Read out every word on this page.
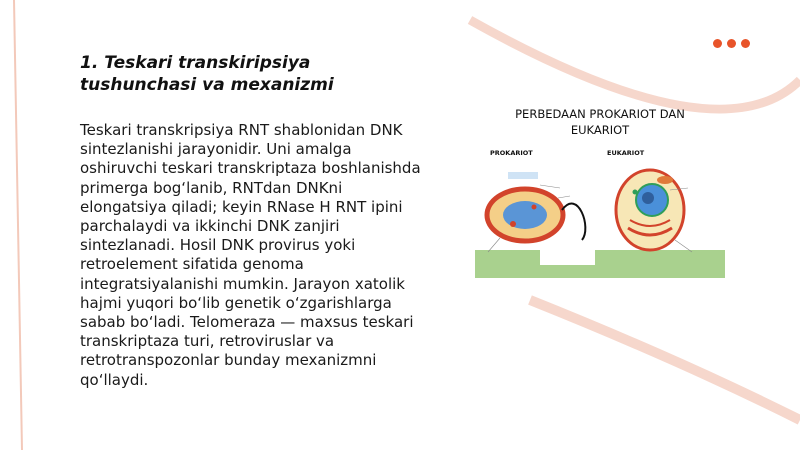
1. Teskari transkiripsiya tushunchasi va mexanizmi

Teskari transkripsiya RNT shablonidan DNK sintezlanishi jarayonidir. Uni amalga oshiruvchi teskari transkriptaza boshlanishda primerga bog‘lanib, RNTdan DNKni elongatsiya qiladi; keyin RNase H RNT ipini parchalaydi va ikkinchi DNK zanjiri sintezlanadi. Hosil DNK provirus yoki retroelement sifatida genoma integratsiyalanishi mumkin. Jarayon xatolik hajmi yuqori bo‘lib genetik o‘zgarishlarga sabab bo‘ladi. Telomeraza — maxsus teskari transkriptaza turi, retroviruslar va retrotranspozonlar bunday mexanizmni qo‘llaydi.

PERBEDAAN PROKARIOT DAN
EUKARIOT
PROKARIOT	EUKARIOT
